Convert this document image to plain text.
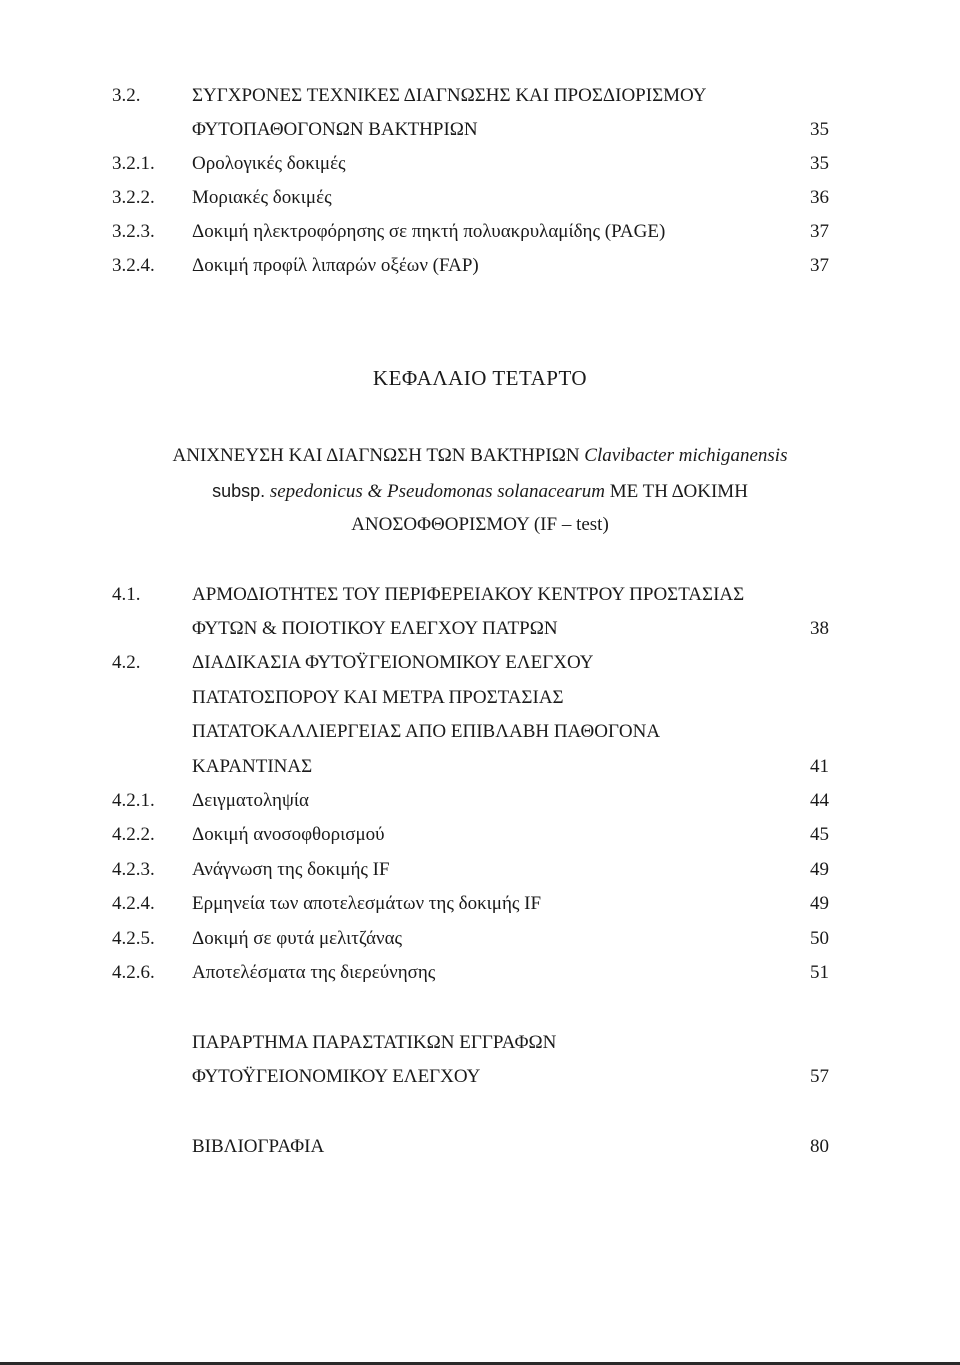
3.2.	ΣΥΓΧΡΟΝΕΣ ΤΕΧΝΙΚΕΣ ΔΙΑΓΝΩΣΗΣ ΚΑΙ ΠΡΟΣΔΙΟΡΙΣΜΟΥ
ΦΥΤΟΠΑΘΟΓΟΝΩΝ ΒΑΚΤΗΡΙΩΝ	35
3.2.1. Ορολογικές δοκιμές	35
3.2.2. Μοριακές δοκιμές	36
3.2.3. Δοκιμή ηλεκτροφόρησης σε πηκτή πολυακρυλαμίδης (PAGE)	37
3.2.4. Δοκιμή προφίλ λιπαρών οξέων (FAP)	37
ΚΕΦΑΛΑΙΟ ΤΕΤΑΡΤΟ
ΑΝΙΧΝΕΥΣΗ ΚΑΙ ΔΙΑΓΝΩΣΗ ΤΩΝ ΒΑΚΤΗΡΙΩΝ Clavibacter michiganensis
subsp. sepedonicus & Pseudomonas solanacearum ΜΕ ΤΗ ΔΟΚΙΜΗ
ΑΝΟΣΟΦΘΟΡΙΣΜΟΥ (IF – test)
4.1.	ΑΡΜΟΔΙΟΤΗΤΕΣ ΤΟΥ ΠΕΡΙΦΕΡΕΙΑΚΟΥ ΚΕΝΤΡΟΥ ΠΡΟΣΤΑΣΙΑΣ
ΦΥΤΩΝ & ΠΟΙΟΤΙΚΟΥ ΕΛΕΓΧΟΥ ΠΑΤΡΩΝ	38
4.2.	ΔΙΑΔΙΚΑΣΙΑ ΦΥΤΟΫΓΕΙΟΝΟΜΙΚΟΥ ΕΛΕΓΧΟΥ
ΠΑΤΑΤΟΣΠΟΡΟΥ ΚΑΙ ΜΕΤΡΑ ΠΡΟΣΤΑΣΙΑΣ
ΠΑΤΑΤΟΚΑΛΛΙΕΡΓΕΙΑΣ ΑΠΟ ΕΠΙΒΛΑΒΗ ΠΑΘΟΓΟΝΑ
ΚΑΡΑΝΤΙΝΑΣ	41
4.2.1. Δειγματοληψία	44
4.2.2. Δοκιμή ανοσοφθορισμού	45
4.2.3. Ανάγνωση της δοκιμής IF	49
4.2.4. Ερμηνεία των αποτελεσμάτων της δοκιμής IF	49
4.2.5. Δοκιμή σε φυτά μελιτζάνας	50
4.2.6. Αποτελέσματα της διερεύνησης	51
ΠΑΡΑΡΤΗΜΑ ΠΑΡΑΣΤΑΤΙΚΩΝ ΕΓΓΡΑΦΩΝ
ΦΥΤΟΫΓΕΙΟΝΟΜΙΚΟΥ ΕΛΕΓΧΟΥ	57
ΒΙΒΛΙΟΓΡΑΦΙΑ	80
